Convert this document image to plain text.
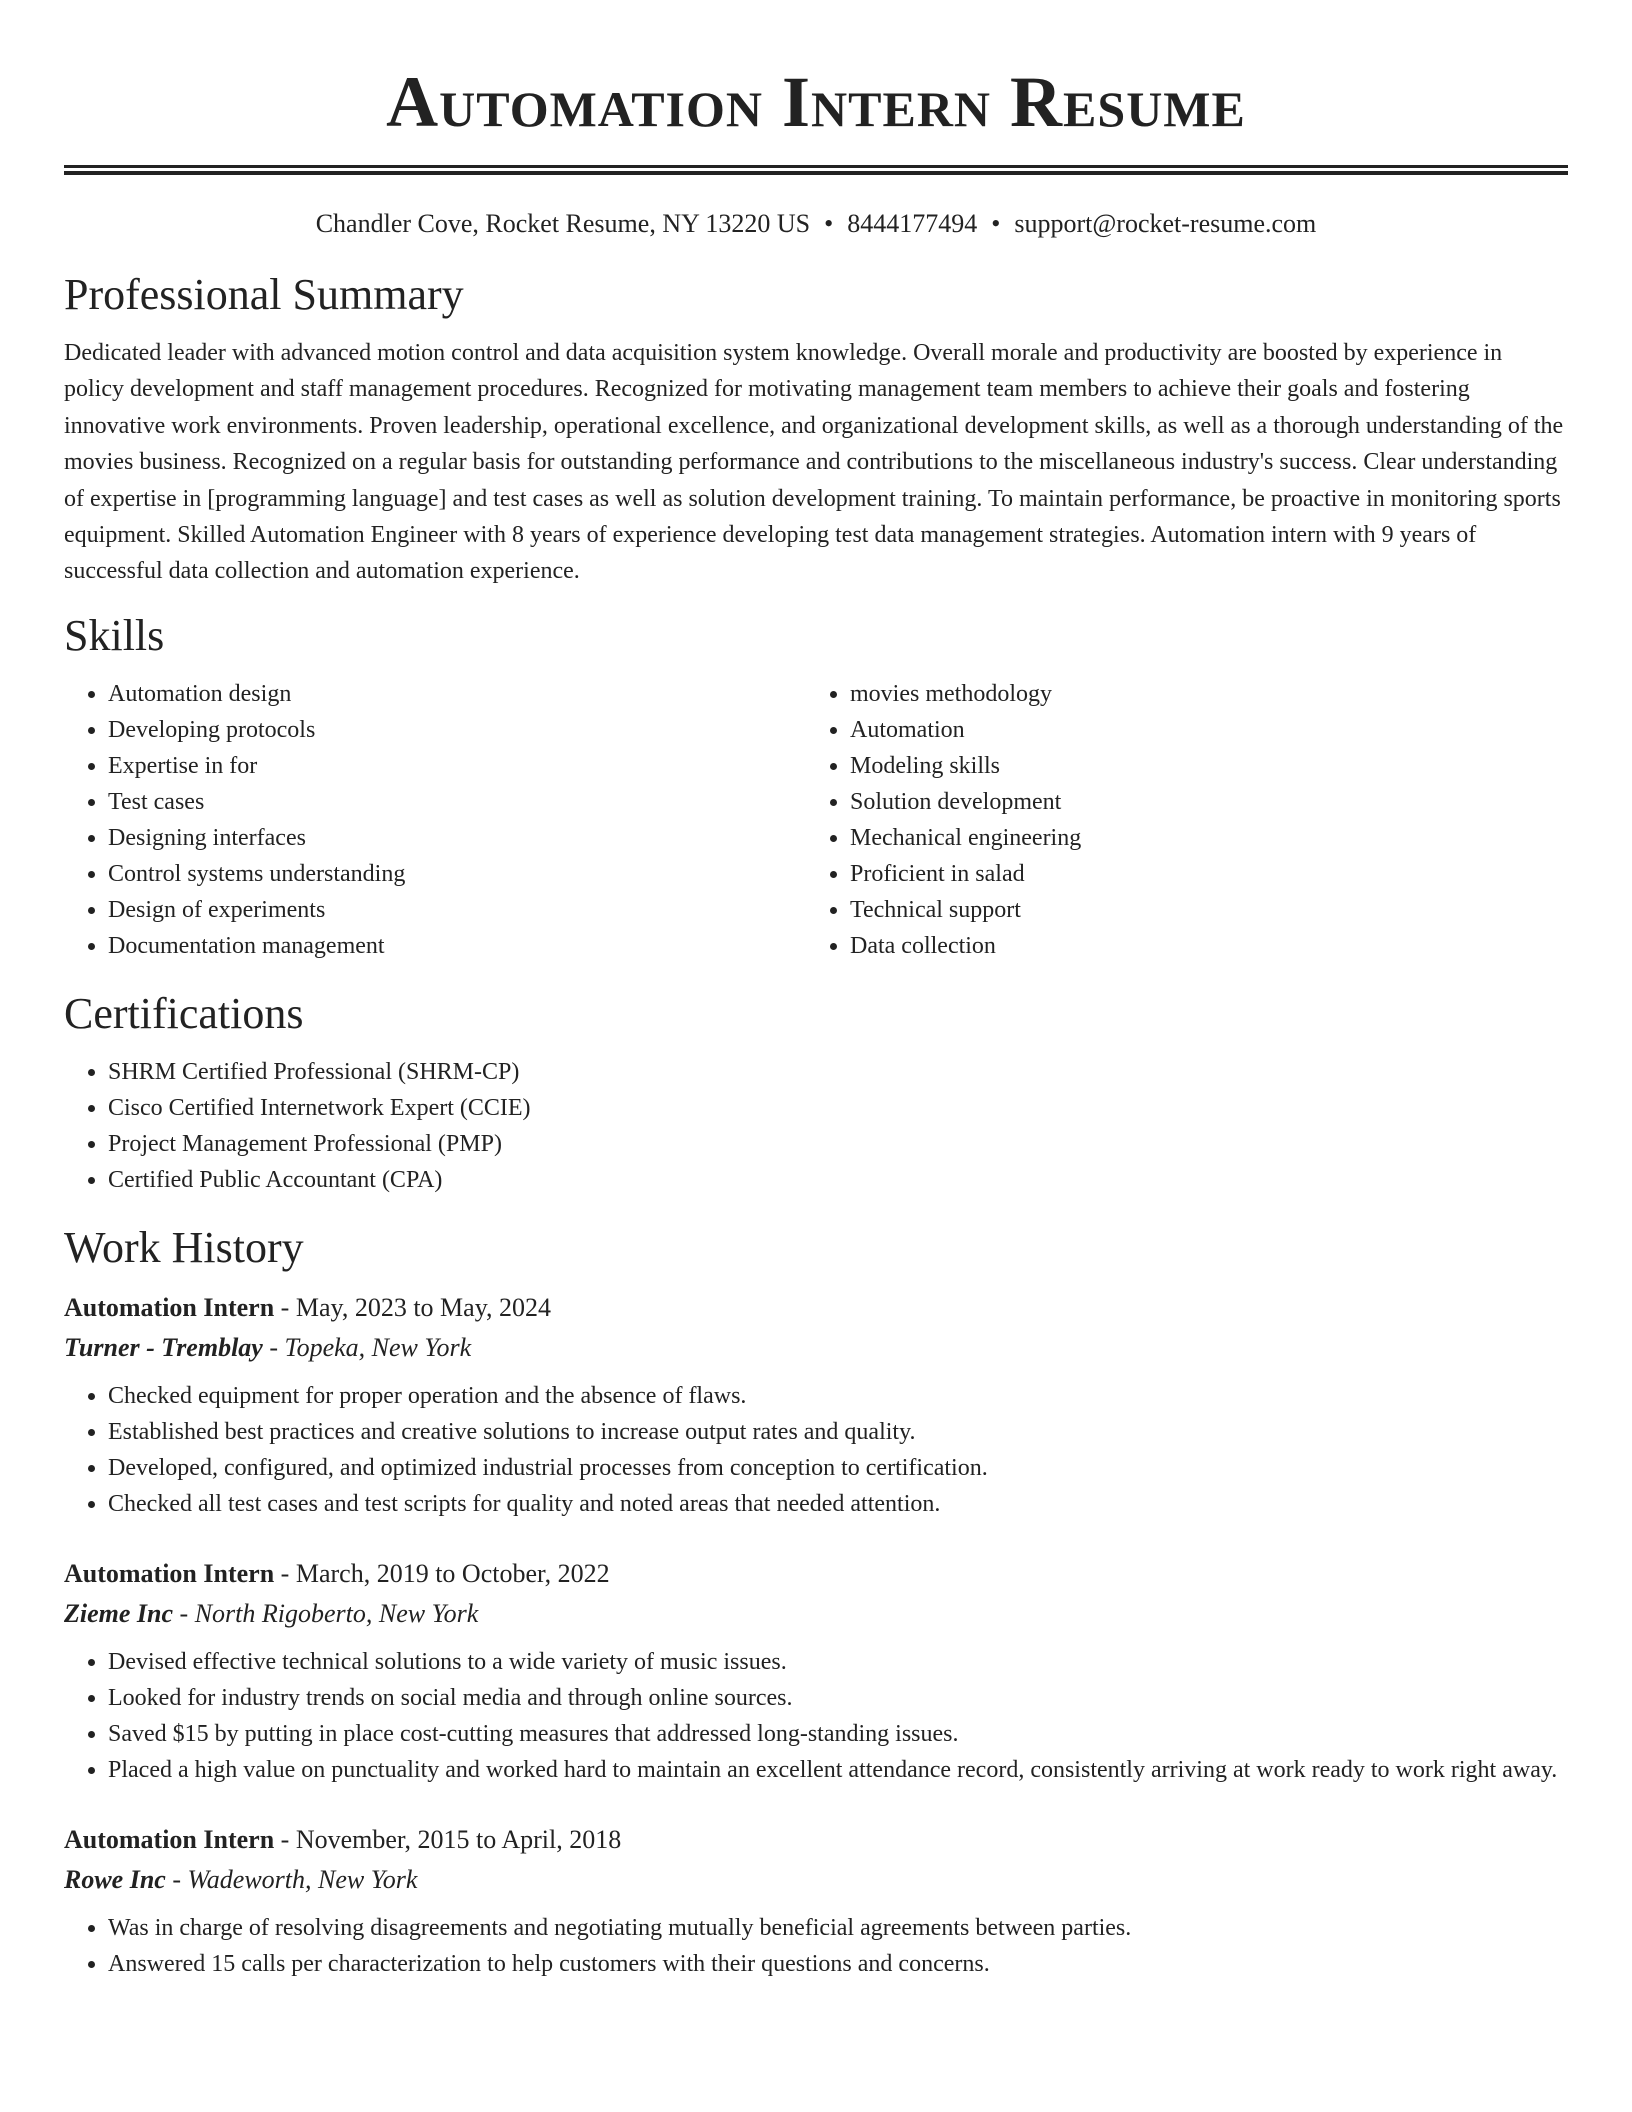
Automation Intern Resume
Chandler Cove, Rocket Resume, NY 13220 US • 8444177494 • support@rocket-resume.com
Professional Summary

Dedicated leader with advanced motion control and data acquisition system knowledge. Overall morale and productivity are boosted by experience in policy development and staff management procedures. Recognized for motivating management team members to achieve their goals and fostering innovative work environments. Proven leadership, operational excellence, and organizational development skills, as well as a thorough understanding of the movies business. Recognized on a regular basis for outstanding performance and contributions to the miscellaneous industry's success. Clear understanding of expertise in [programming language] and test cases as well as solution development training. To maintain performance, be proactive in monitoring sports equipment. Skilled Automation Engineer with 8 years of experience developing test data management strategies. Automation intern with 9 years of successful data collection and automation experience.

Skills
• Automation design
• Developing protocols
• Expertise in for
• Test cases
• Designing interfaces
• Control systems understanding
• Design of experiments
• Documentation management
• movies methodology
• Automation
• Modeling skills
• Solution development
• Mechanical engineering
• Proficient in salad
• Technical support
• Data collection
Certifications
• SHRM Certified Professional (SHRM-CP)
• Cisco Certified Internetwork Expert (CCIE)
• Project Management Professional (PMP)
• Certified Public Accountant (CPA)
Work History
Automation Intern - May, 2023 to May, 2024
Turner - Tremblay - Topeka, New York
• Checked equipment for proper operation and the absence of flaws.
• Established best practices and creative solutions to increase output rates and quality.
• Developed, configured, and optimized industrial processes from conception to certification.
• Checked all test cases and test scripts for quality and noted areas that needed attention.
Automation Intern - March, 2019 to October, 2022
Zieme Inc - North Rigoberto, New York
• Devised effective technical solutions to a wide variety of music issues.
• Looked for industry trends on social media and through online sources.
• Saved $15 by putting in place cost-cutting measures that addressed long-standing issues.
• Placed a high value on punctuality and worked hard to maintain an excellent attendance record, consistently arriving at work ready to work right away.
Automation Intern - November, 2015 to April, 2018
Rowe Inc - Wadeworth, New York
• Was in charge of resolving disagreements and negotiating mutually beneficial agreements between parties.
• Answered 15 calls per characterization to help customers with their questions and concerns.
